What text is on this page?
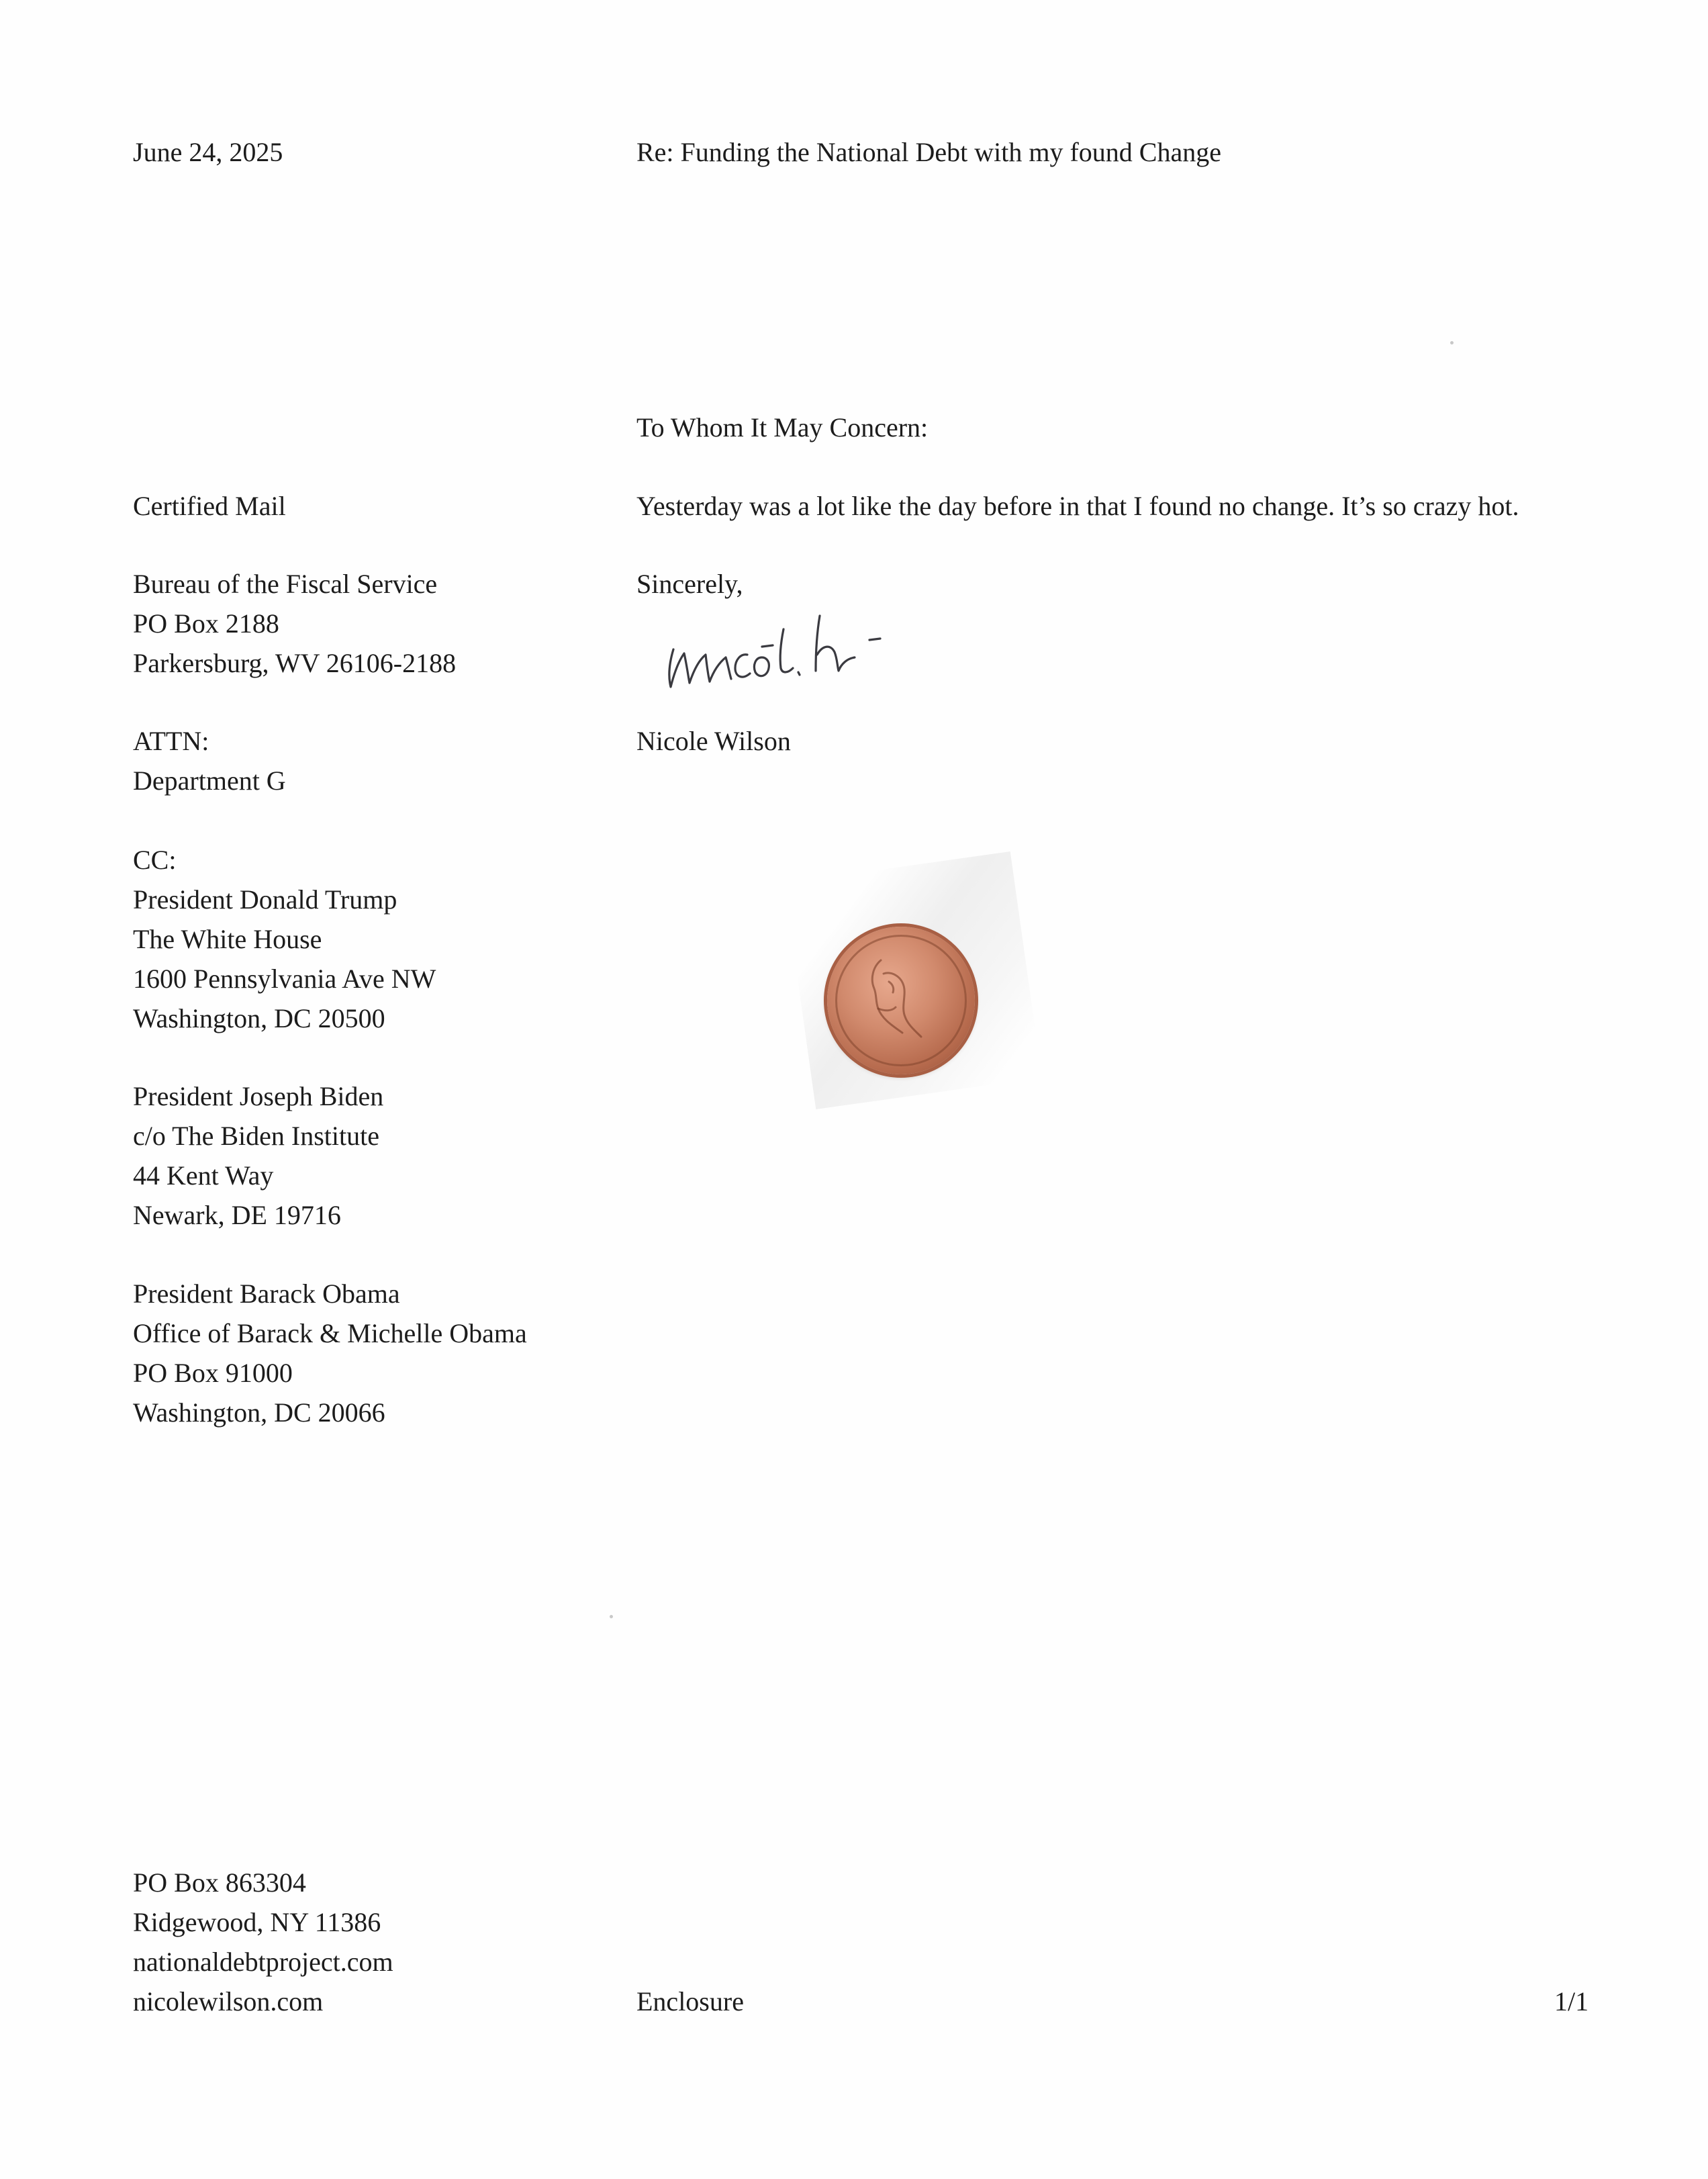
June 24, 2025	Re: Funding the National Debt with my found Change
To Whom It May Concern:
Certified Mail	Yesterday was a lot like the day before in that I found no change. It’s so crazy hot.
Bureau of the Fiscal Service
PO Box 2188
Parkersburg, WV 26106-2188
Sincerely,
Nicole Wilson
ATTN:
Department G
CC:
President Donald Trump
The White House
1600 Pennsylvania Ave NW
Washington, DC 20500
President Joseph Biden
c/o The Biden Institute
44 Kent Way
Newark, DE 19716
President Barack Obama
Office of Barack & Michelle Obama
PO Box 91000
Washington, DC 20066
PO Box 863304
Ridgewood, NY 11386
nationaldebtproject.com
nicolewilson.com	Enclosure	1/1
